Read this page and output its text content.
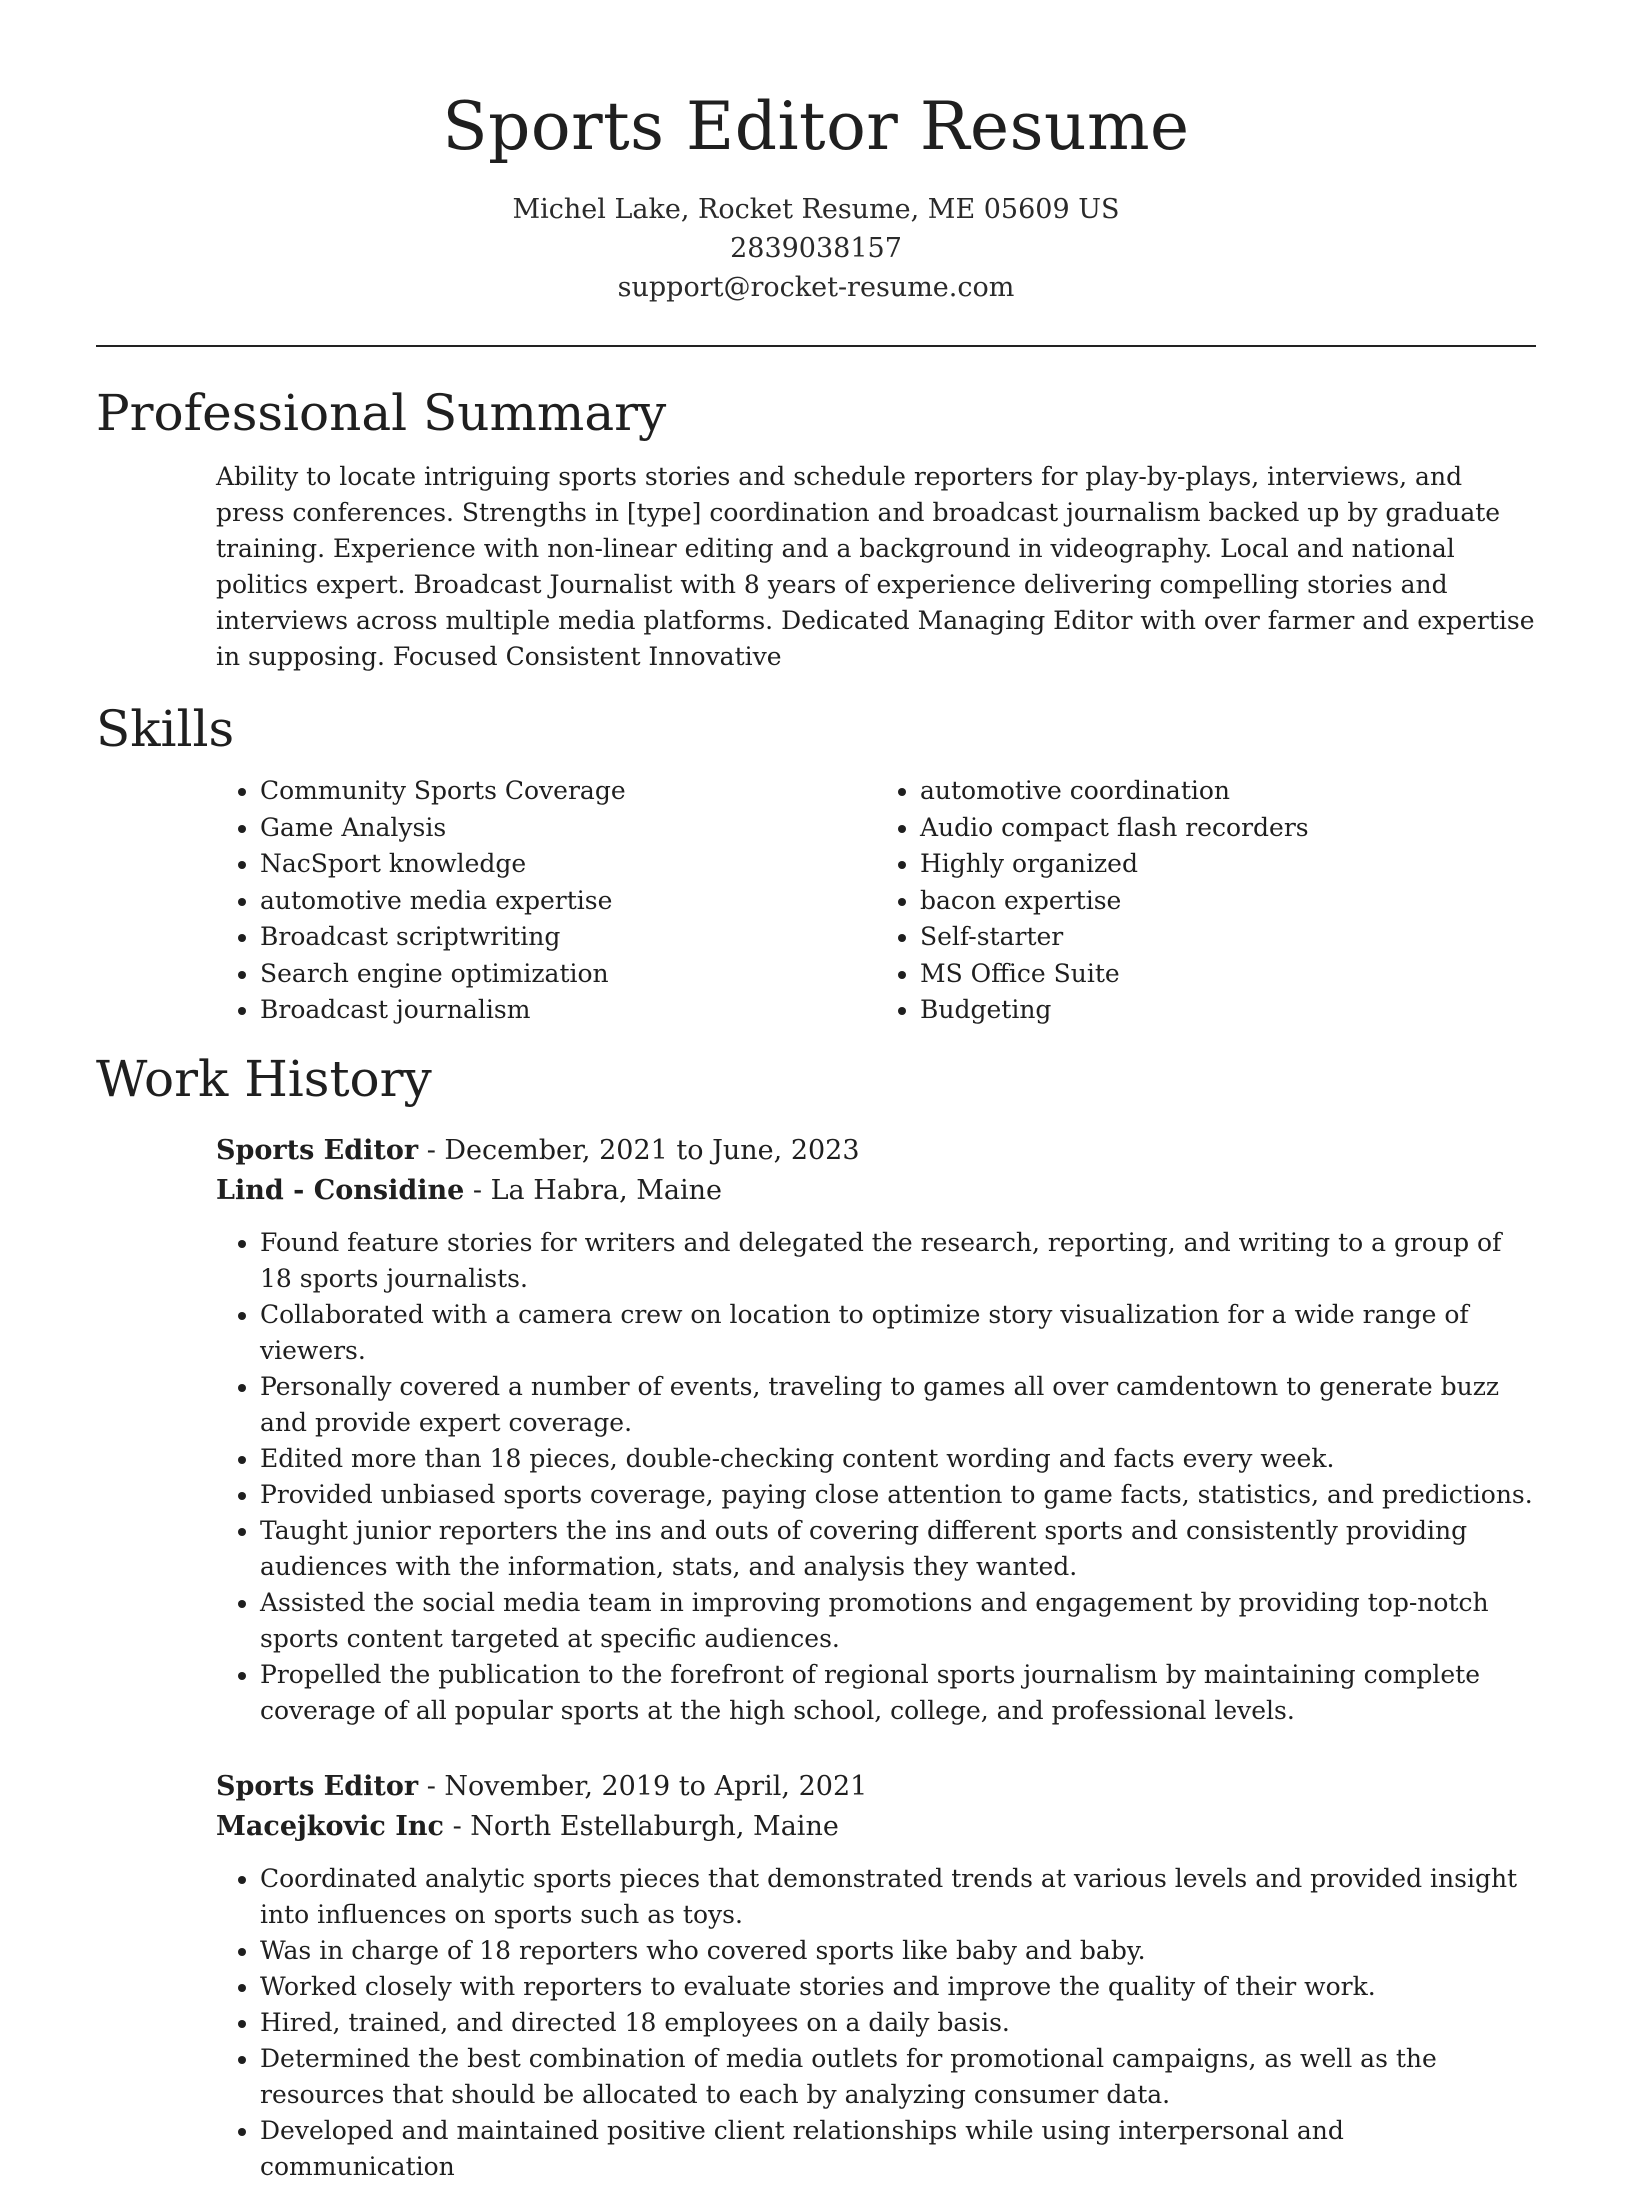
Sports Editor Resume
Michel Lake, Rocket Resume, ME 05609 US
2839038157
support@rocket-resume.com
Professional Summary

Ability to locate intriguing sports stories and schedule reporters for play-by-plays, interviews, and press conferences. Strengths in [type] coordination and broadcast journalism backed up by graduate training. Experience with non-linear editing and a background in videography. Local and national politics expert. Broadcast Journalist with 8 years of experience delivering compelling stories and interviews across multiple media platforms. Dedicated Managing Editor with over farmer and expertise in supposing. Focused Consistent Innovative

Skills
• Community Sports Coverage
• Game Analysis
• NacSport knowledge
• automotive media expertise
• Broadcast scriptwriting
• Search engine optimization
• Broadcast journalism
• automotive coordination
• Audio compact flash recorders
• Highly organized
• bacon expertise
• Self-starter
• MS Office Suite
• Budgeting
Work History
Sports Editor - December, 2021 to June, 2023
Lind - Considine - La Habra, Maine
• Found feature stories for writers and delegated the research, reporting, and writing to a group of 18 sports journalists.
• Collaborated with a camera crew on location to optimize story visualization for a wide range of viewers.
• Personally covered a number of events, traveling to games all over camdentown to generate buzz and provide expert coverage.
• Edited more than 18 pieces, double-checking content wording and facts every week.
• Provided unbiased sports coverage, paying close attention to game facts, statistics, and predictions.
• Taught junior reporters the ins and outs of covering different sports and consistently providing audiences with the information, stats, and analysis they wanted.
• Assisted the social media team in improving promotions and engagement by providing top-notch sports content targeted at specific audiences.
• Propelled the publication to the forefront of regional sports journalism by maintaining complete coverage of all popular sports at the high school, college, and professional levels.
Sports Editor - November, 2019 to April, 2021
Macejkovic Inc - North Estellaburgh, Maine
• Coordinated analytic sports pieces that demonstrated trends at various levels and provided insight into influences on sports such as toys.
• Was in charge of 18 reporters who covered sports like baby and baby.
• Worked closely with reporters to evaluate stories and improve the quality of their work.
• Hired, trained, and directed 18 employees on a daily basis.
• Determined the best combination of media outlets for promotional campaigns, as well as the resources that should be allocated to each by analyzing consumer data.
• Developed and maintained positive client relationships while using interpersonal and communication
